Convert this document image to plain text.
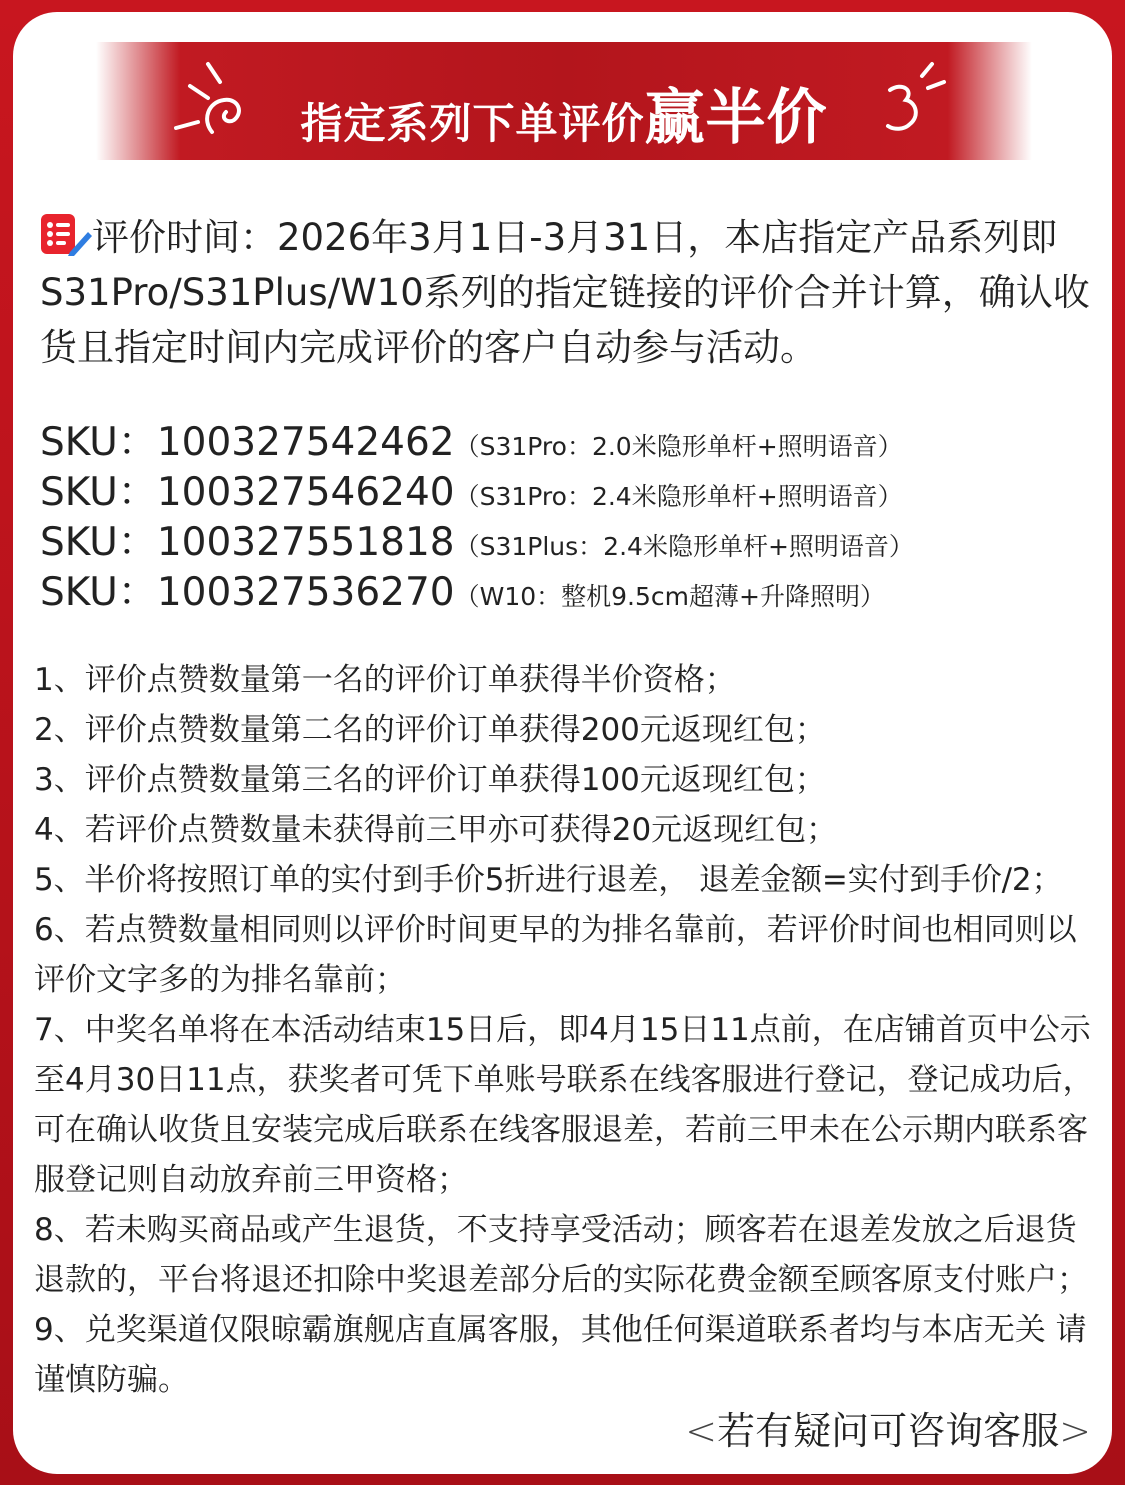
指定系列下单评价赢半价
评价时间：2026年3月1日-3月31日，本店指定产品系列即S31Pro/S31Plus/W10系列的指定链接的评价合并计算，确认收货且指定时间内完成评价的客户自动参与活动。
SKU：100327542462（S31Pro：2.0米隐形单杆+照明语音）
SKU：100327546240（S31Pro：2.4米隐形单杆+照明语音）
SKU：100327551818（S31Plus：2.4米隐形单杆+照明语音）
SKU：100327536270（W10：整机9.5cm超薄+升降照明）
1、评价点赞数量第一名的评价订单获得半价资格；
2、评价点赞数量第二名的评价订单获得200元返现红包；
3、评价点赞数量第三名的评价订单获得100元返现红包；
4、若评价点赞数量未获得前三甲亦可获得20元返现红包；
5、半价将按照订单的实付到手价5折进行退差， 退差金额=实付到手价/2；
6、若点赞数量相同则以评价时间更早的为排名靠前，若评价时间也相同则以评价文字多的为排名靠前；
7、中奖名单将在本活动结束15日后，即4月15日11点前，在店铺首页中公示至4月30日11点，获奖者可凭下单账号联系在线客服进行登记，登记成功后，可在确认收货且安装完成后联系在线客服退差，若前三甲未在公示期内联系客服登记则自动放弃前三甲资格；
8、若未购买商品或产生退货，不支持享受活动；顾客若在退差发放之后退货退款的，平台将退还扣除中奖退差部分后的实际花费金额至顾客原支付账户；
9、兑奖渠道仅限晾霸旗舰店直属客服，其他任何渠道联系者均与本店无关 请谨慎防骗。
<若有疑问可咨询客服>
